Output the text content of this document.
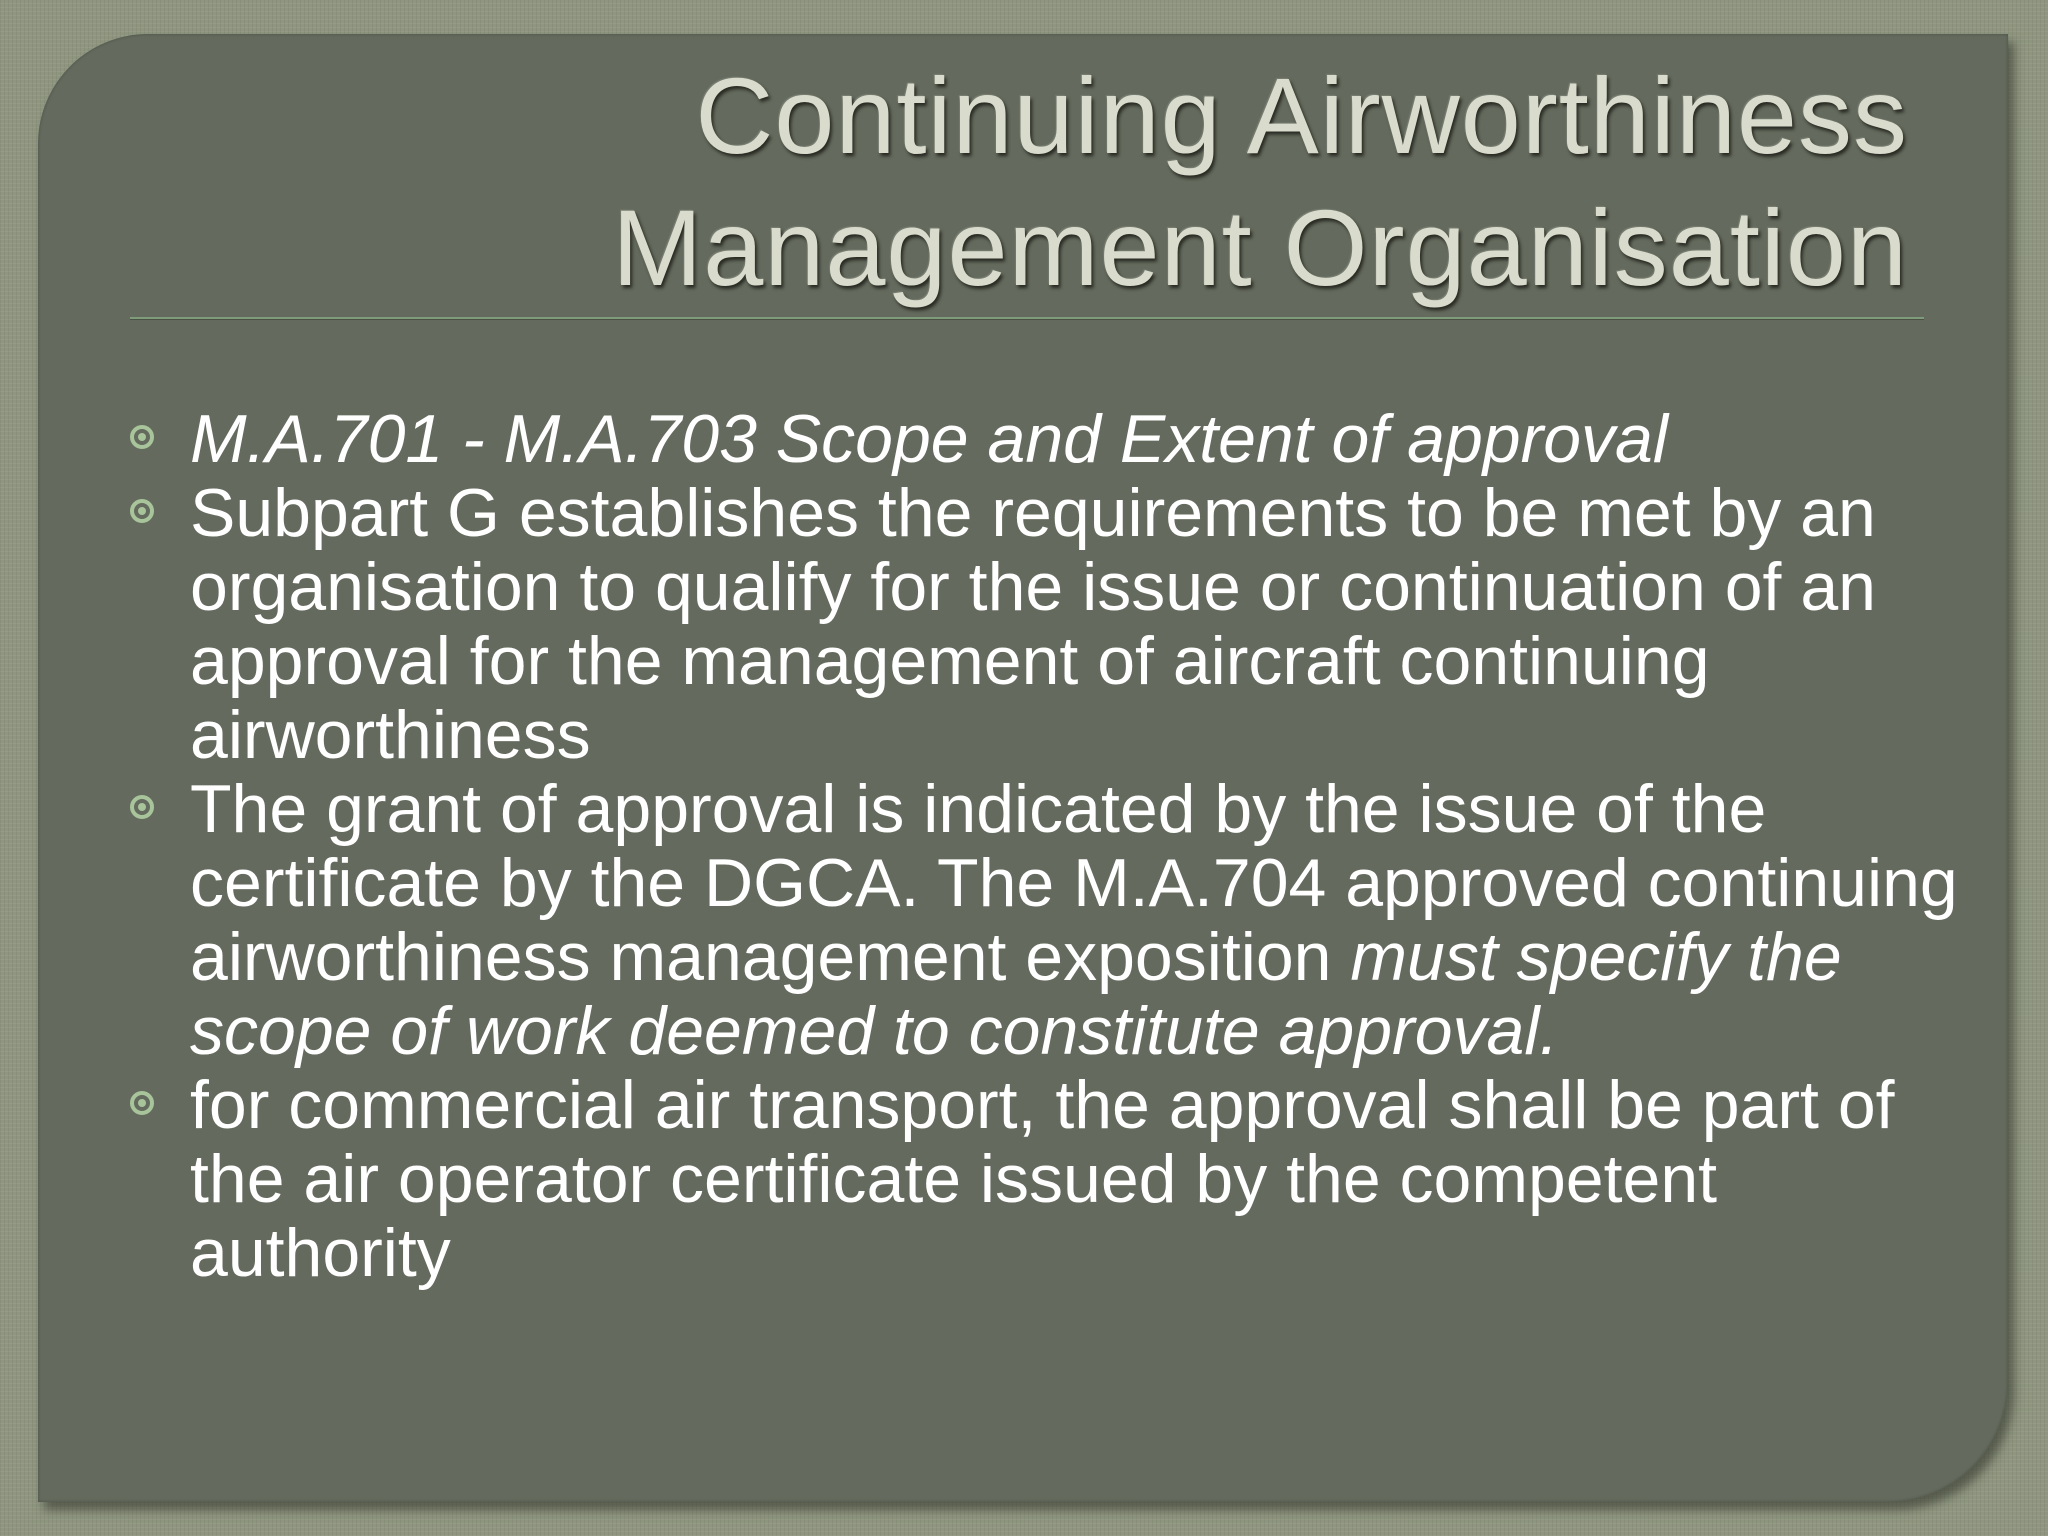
Continuing Airworthiness
Management Organisation
M.A.701 - M.A.703 Scope and Extent of approval
Subpart G establishes the requirements to be met by an organisation to qualify for the issue or continuation of an approval for the management of aircraft continuing airworthiness
The grant of approval is indicated by the issue of the certificate by the DGCA. The M.A.704 approved continuing airworthiness management exposition must specify the scope of work deemed to constitute approval.
for commercial air transport, the approval shall be part of the air operator certificate issued by the competent authority
